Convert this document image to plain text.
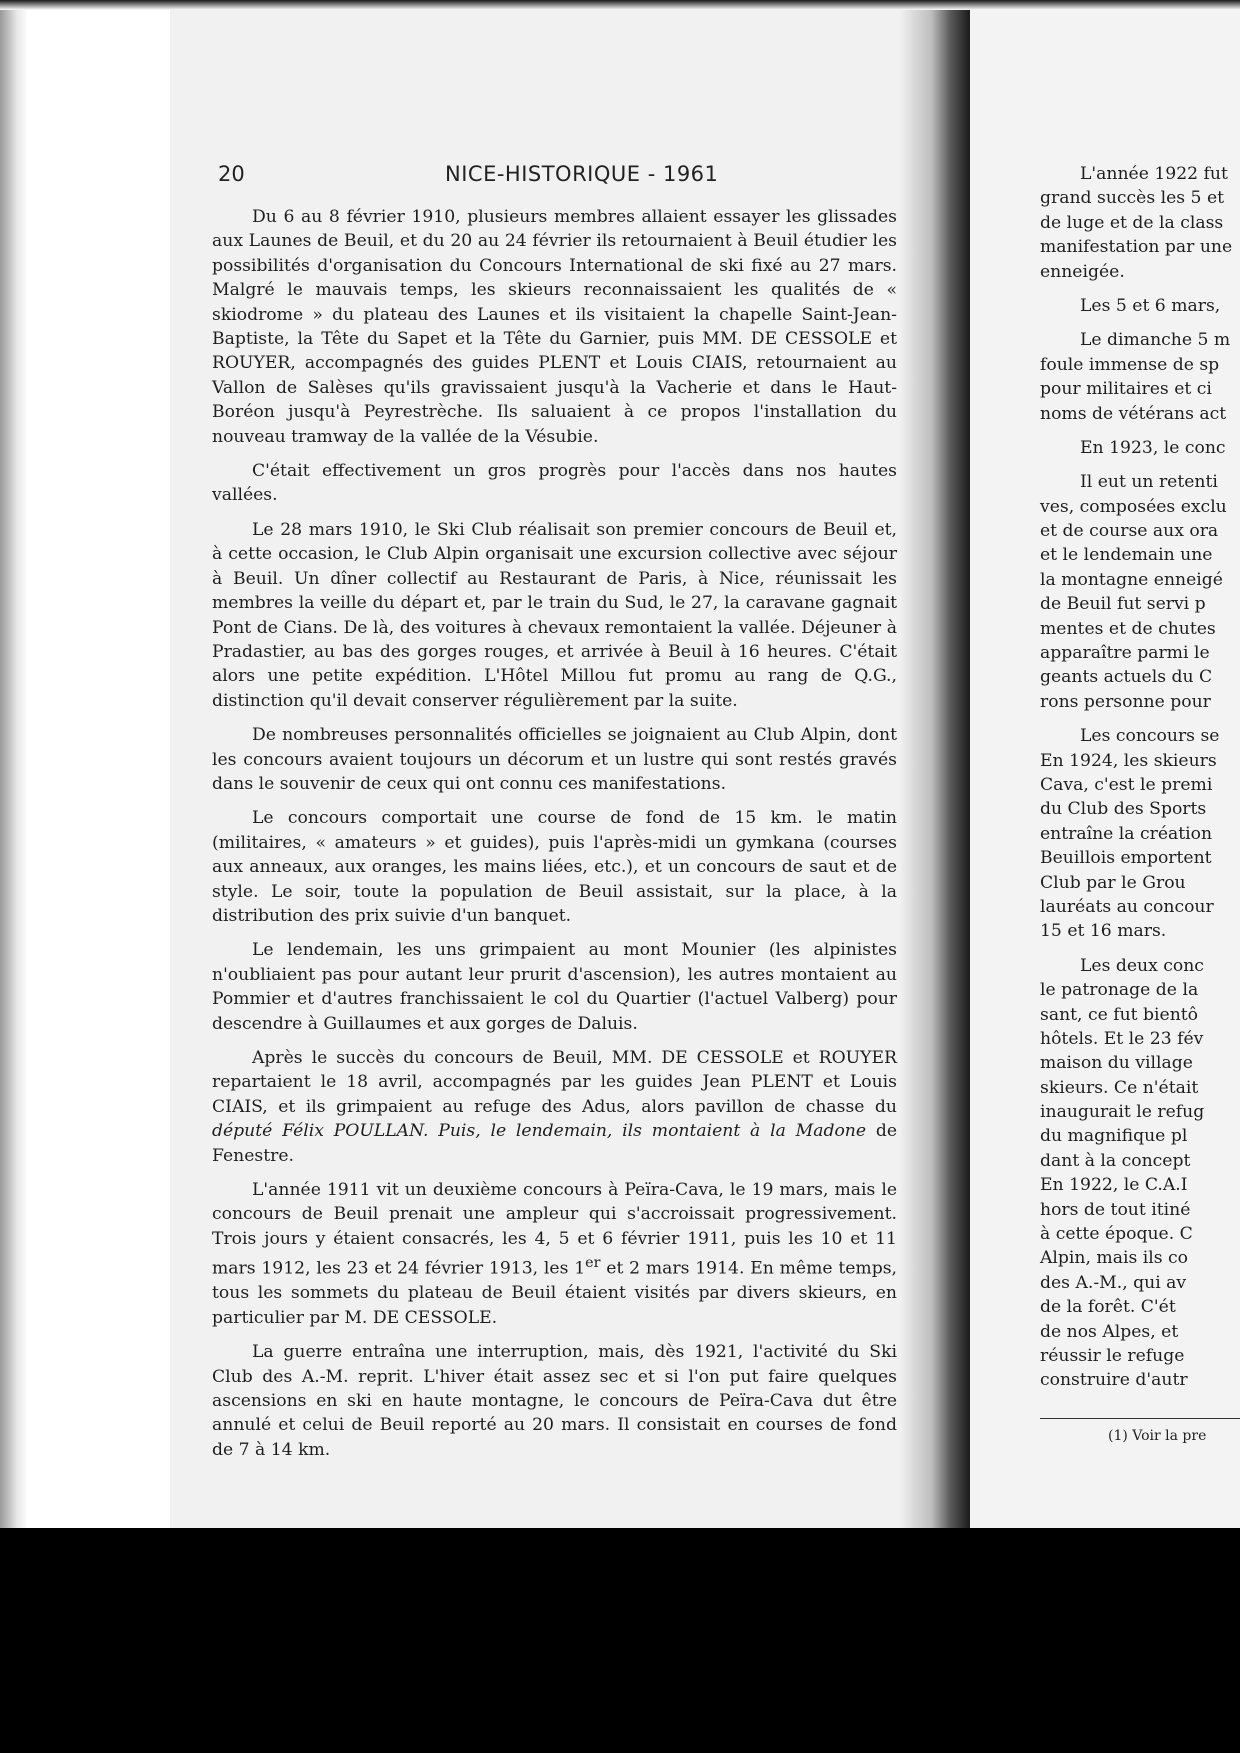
20	NICE-HISTORIQUE - 1961

Du 6 au 8 février 1910, plusieurs membres allaient essayer les glissades aux Launes de Beuil, et du 20 au 24 février ils retournaient à Beuil étudier les possibilités d'organisation du Concours International de ski fixé au 27 mars. Malgré le mauvais temps, les skieurs reconnaissaient les qualités de « skiodrome » du plateau des Launes et ils visitaient la chapelle Saint-Jean-Baptiste, la Tête du Sapet et la Tête du Garnier, puis MM. DE CESSOLE et ROUYER, accompagnés des guides PLENT et Louis CIAIS, retournaient au Vallon de Salèses qu'ils gravissaient jusqu'à la Vacherie et dans le Haut-Boréon jusqu'à Peyrestrèche. Ils saluaient à ce propos l'installation du nouveau tramway de la vallée de la Vésubie.

C'était effectivement un gros progrès pour l'accès dans nos hautes vallées.

Le 28 mars 1910, le Ski Club réalisait son premier concours de Beuil et, à cette occasion, le Club Alpin organisait une excursion collective avec séjour à Beuil. Un dîner collectif au Restaurant de Paris, à Nice, réunissait les membres la veille du départ et, par le train du Sud, le 27, la caravane gagnait Pont de Cians. De là, des voitures à chevaux remontaient la vallée. Déjeuner à Pradastier, au bas des gorges rouges, et arrivée à Beuil à 16 heures. C'était alors une petite expédition. L'Hôtel Millou fut promu au rang de Q.G., distinction qu'il devait conserver régulièrement par la suite.

De nombreuses personnalités officielles se joignaient au Club Alpin, dont les concours avaient toujours un décorum et un lustre qui sont restés gravés dans le souvenir de ceux qui ont connu ces manifestations.

Le concours comportait une course de fond de 15 km. le matin (militaires, « amateurs » et guides), puis l'après-midi un gymkana (courses aux anneaux, aux oranges, les mains liées, etc.), et un concours de saut et de style. Le soir, toute la population de Beuil assistait, sur la place, à la distribution des prix suivie d'un banquet.

Le lendemain, les uns grimpaient au mont Mounier (les alpinistes n'oubliaient pas pour autant leur prurit d'ascension), les autres montaient au Pommier et d'autres franchissaient le col du Quartier (l'actuel Valberg) pour descendre à Guillaumes et aux gorges de Daluis.

Après le succès du concours de Beuil, MM. DE CESSOLE et ROUYER repartaient le 18 avril, accompagnés par les guides Jean PLENT et Louis CIAIS, et ils grimpaient au refuge des Adus, alors pavillon de chasse du député Félix POULLAN. Puis, le lendemain, ils montaient à la Madone de Fenestre.

L'année 1911 vit un deuxième concours à Peïra-Cava, le 19 mars, mais le concours de Beuil prenait une ampleur qui s'accroissait progressivement. Trois jours y étaient consacrés, les 4, 5 et 6 février 1911, puis les 10 et 11 mars 1912, les 23 et 24 février 1913, les 1er et 2 mars 1914. En même temps, tous les sommets du plateau de Beuil étaient visités par divers skieurs, en particulier par M. DE CESSOLE.

La guerre entraîna une interruption, mais, dès 1921, l'activité du Ski Club des A.-M. reprit. L'hiver était assez sec et si l'on put faire quelques ascensions en ski en haute montagne, le concours de Peïra-Cava dut être annulé et celui de Beuil reporté au 20 mars. Il consistait en courses de fond de 7 à 14 km.

L'année 1922 fut
grand succès les 5 et
de luge et de la class
manifestation par une
enneigée.
Les 5 et 6 mars,
Le dimanche 5 m
foule immense de sp
pour militaires et ci
noms de vétérans act
En 1923, le conc
Il eut un retenti
ves, composées exclu
et de course aux ora
et le lendemain une
la montagne enneigé
de Beuil fut servi p
mentes et de chutes
apparaître parmi le
geants actuels du C
rons personne pour
Les concours se
En 1924, les skieurs
Cava, c'est le premi
du Club des Sports
entraîne la création
Beuillois emportent
Club par le Grou
lauréats au concour
15 et 16 mars.
Les deux conc
le patronage de la
sant, ce fut bientô
hôtels. Et le 23 fév
maison du village
skieurs. Ce n'était
inaugurait le refug
du magnifique pl
dant à la concept
En 1922, le C.A.I
hors de tout itiné
à cette époque. C
Alpin, mais ils co
des A.-M., qui av
de la forêt. C'ét
de nos Alpes, et
réussir le refuge
construire d'autr
(1) Voir la pre
